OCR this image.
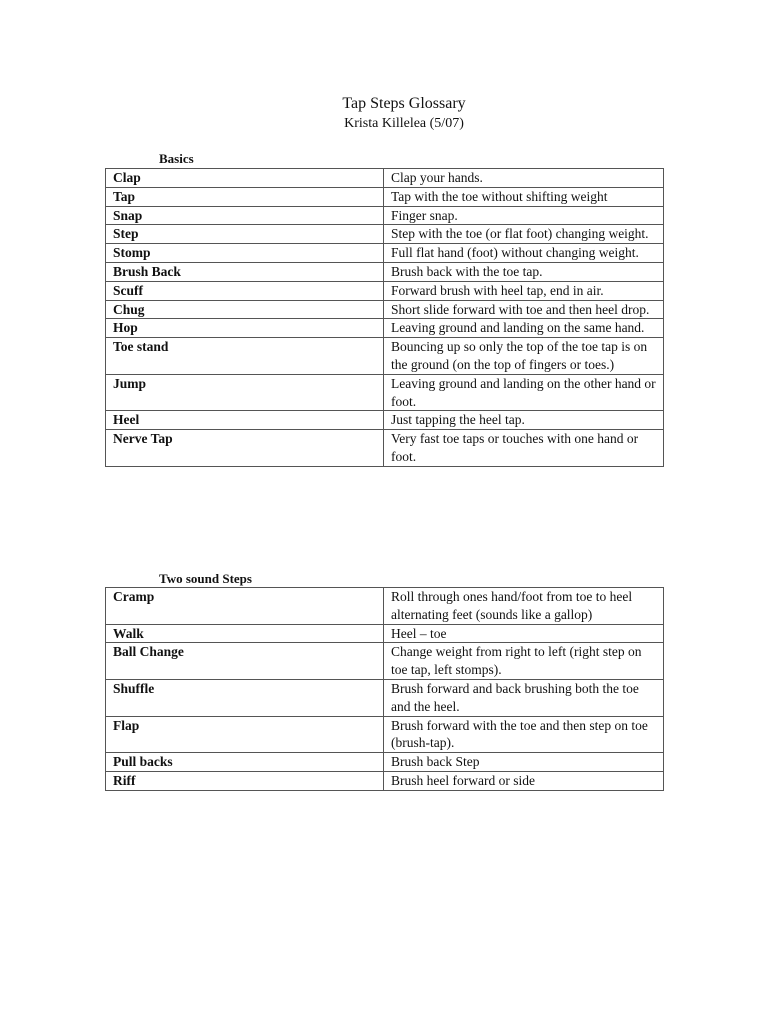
Tap Steps Glossary
Krista Killelea (5/07)
Basics
Clap	Clap your hands.
Tap	Tap with the toe without shifting weight
Snap	Finger snap.
Step	Step with the toe (or flat foot) changing weight.
Stomp	Full flat hand (foot) without changing weight.
Brush Back	Brush back with the toe tap.
Scuff	Forward brush with heel tap, end in air.
Chug	Short slide forward with toe and then heel drop.
Hop	Leaving ground and landing on the same hand.
Toe stand	Bouncing up so only the top of the toe tap is on the ground (on the top of fingers or toes.)
Jump	Leaving ground and landing on the other hand or foot.
Heel	Just tapping the heel tap.
Nerve Tap	Very fast toe taps or touches with one hand or foot.
Two sound Steps
Cramp	Roll through ones hand/foot from toe to heel alternating feet (sounds like a gallop)
Walk	Heel – toe
Ball Change	Change weight from right to left (right step on toe tap, left stomps).
Shuffle	Brush forward and back brushing both the toe and the heel.
Flap	Brush forward with the toe and then step on toe (brush-tap).
Pull backs	Brush back Step
Riff	Brush heel forward or side
